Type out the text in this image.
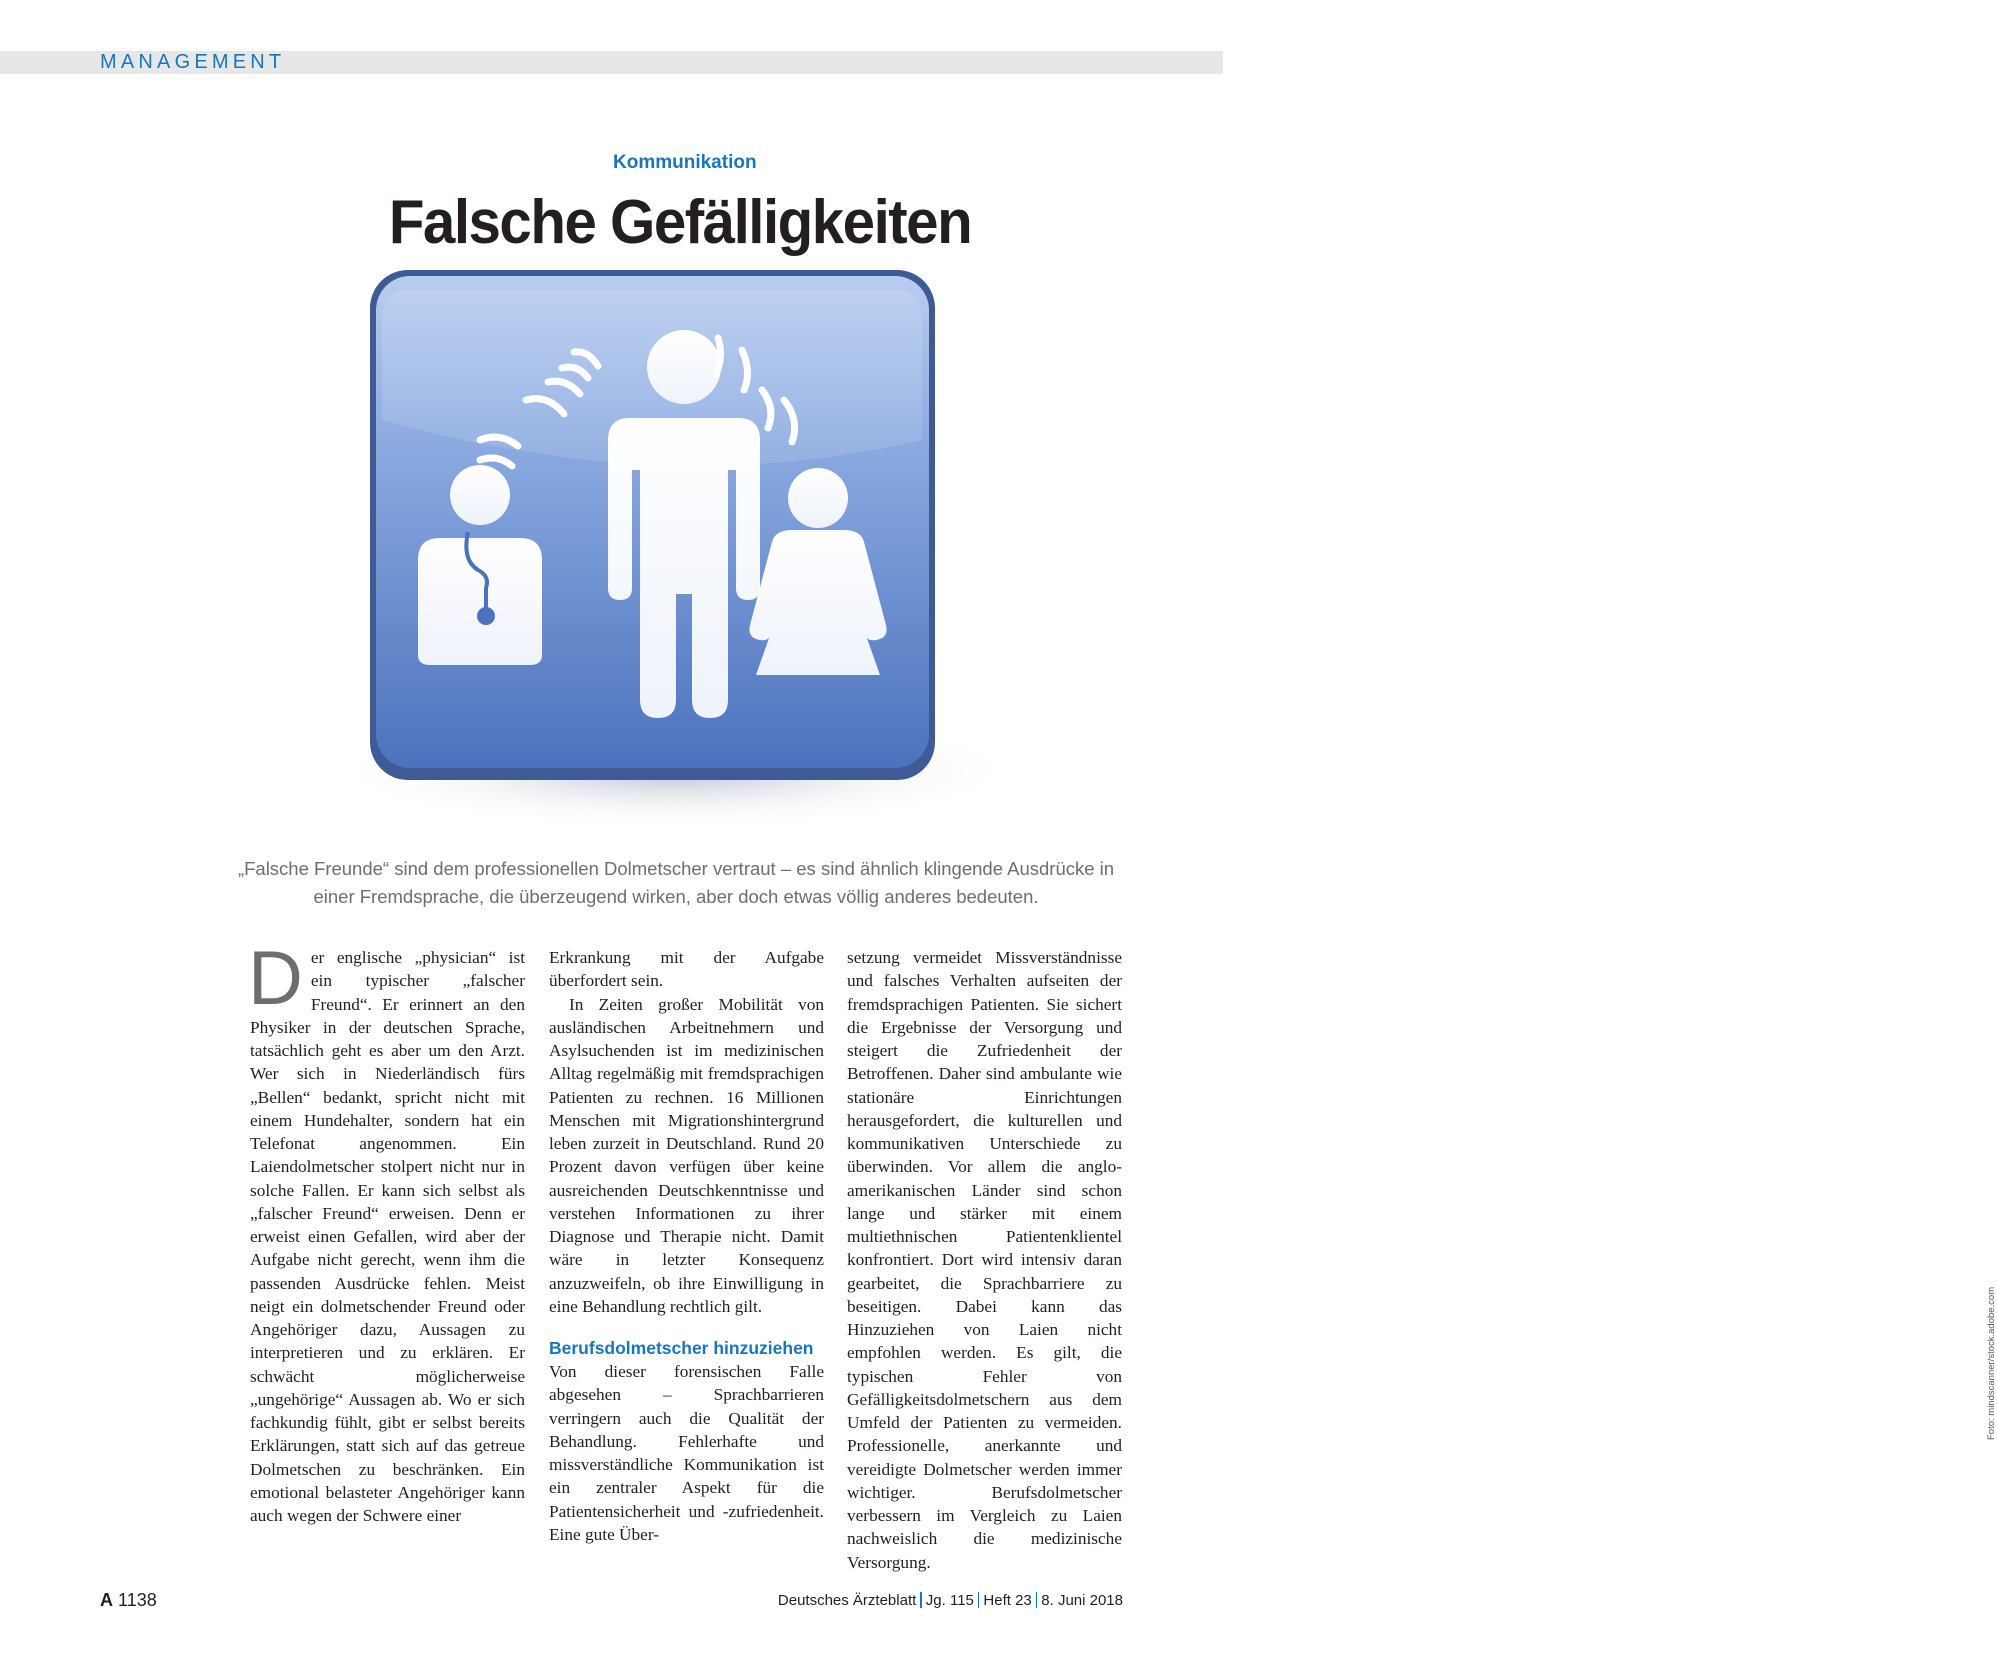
MANAGEMENT
Kommunikation
Falsche Gefälligkeiten
Foto: mindscanner/stock.adobe.com

„Falsche Freunde“ sind dem professionellen Dolmetscher vertraut – es sind ähnlich klingende Ausdrücke in einer Fremdsprache, die überzeugend wirken, aber doch etwas völlig anderes bedeuten.

D er englische „physician“ ist ein typischer „falscher Freund“. Er erinnert an den Physiker in der deutschen Sprache, tatsächlich geht es aber um den Arzt. Wer sich in Niederländisch fürs „Bellen“ bedankt, spricht nicht mit einem Hundehalter, sondern hat ein Telefonat angenommen. Ein Laiendolmetscher stolpert nicht nur in solche Fallen. Er kann sich selbst als „falscher Freund“ erweisen. Denn er erweist einen Gefallen, wird aber der Aufgabe nicht gerecht, wenn ihm die passenden Ausdrücke fehlen. Meist neigt ein dolmetschender Freund oder Angehöriger dazu, Aussagen zu interpretieren und zu erklären. Er schwächt möglicherweise „ungehörige“ Aussagen ab. Wo er sich fachkundig fühlt, gibt er selbst bereits Erklärungen, statt sich auf das getreue Dolmetschen zu beschränken. Ein emotional belasteter Angehöriger kann auch wegen der Schwere einer

Erkrankung mit der Aufgabe überfordert sein.

In Zeiten großer Mobilität von ausländischen Arbeitnehmern und Asylsuchenden ist im medizinischen Alltag regelmäßig mit fremdsprachigen Patienten zu rechnen. 16 Millionen Menschen mit Migrationshintergrund leben zurzeit in Deutschland. Rund 20 Prozent davon verfügen über keine ausreichenden Deutschkenntnisse und verstehen Informationen zu ihrer Diagnose und Therapie nicht. Damit wäre in letzter Konsequenz anzuzweifeln, ob ihre Einwilligung in eine Behandlung rechtlich gilt.

Berufsdolmetscher hinzuziehen

Von dieser forensischen Falle abgesehen – Sprachbarrieren verringern auch die Qualität der Behandlung. Fehlerhafte und missverständliche Kommunikation ist ein zentraler Aspekt für die Patientensicherheit und -zufriedenheit. Eine gute Über-

setzung vermeidet Missverständnisse und falsches Verhalten aufseiten der fremdsprachigen Patienten. Sie sichert die Ergebnisse der Versorgung und steigert die Zufriedenheit der Betroffenen. Daher sind ambulante wie stationäre Einrichtungen herausgefordert, die kulturellen und kommunikativen Unterschiede zu überwinden. Vor allem die anglo-amerikanischen Länder sind schon lange und stärker mit einem multiethnischen Patientenklientel konfrontiert. Dort wird intensiv daran gearbeitet, die Sprachbarriere zu beseitigen. Dabei kann das Hinzuziehen von Laien nicht empfohlen werden. Es gilt, die typischen Fehler von Gefälligkeitsdolmetschern aus dem Umfeld der Patienten zu vermeiden. Professionelle, anerkannte und vereidigte Dolmetscher werden immer wichtiger. Berufsdolmetscher verbessern im Vergleich zu Laien nachweislich die medizinische Versorgung.

A 1138	Deutsches Ärzteblatt Jg. 115 Heft 23 8. Juni 2018
